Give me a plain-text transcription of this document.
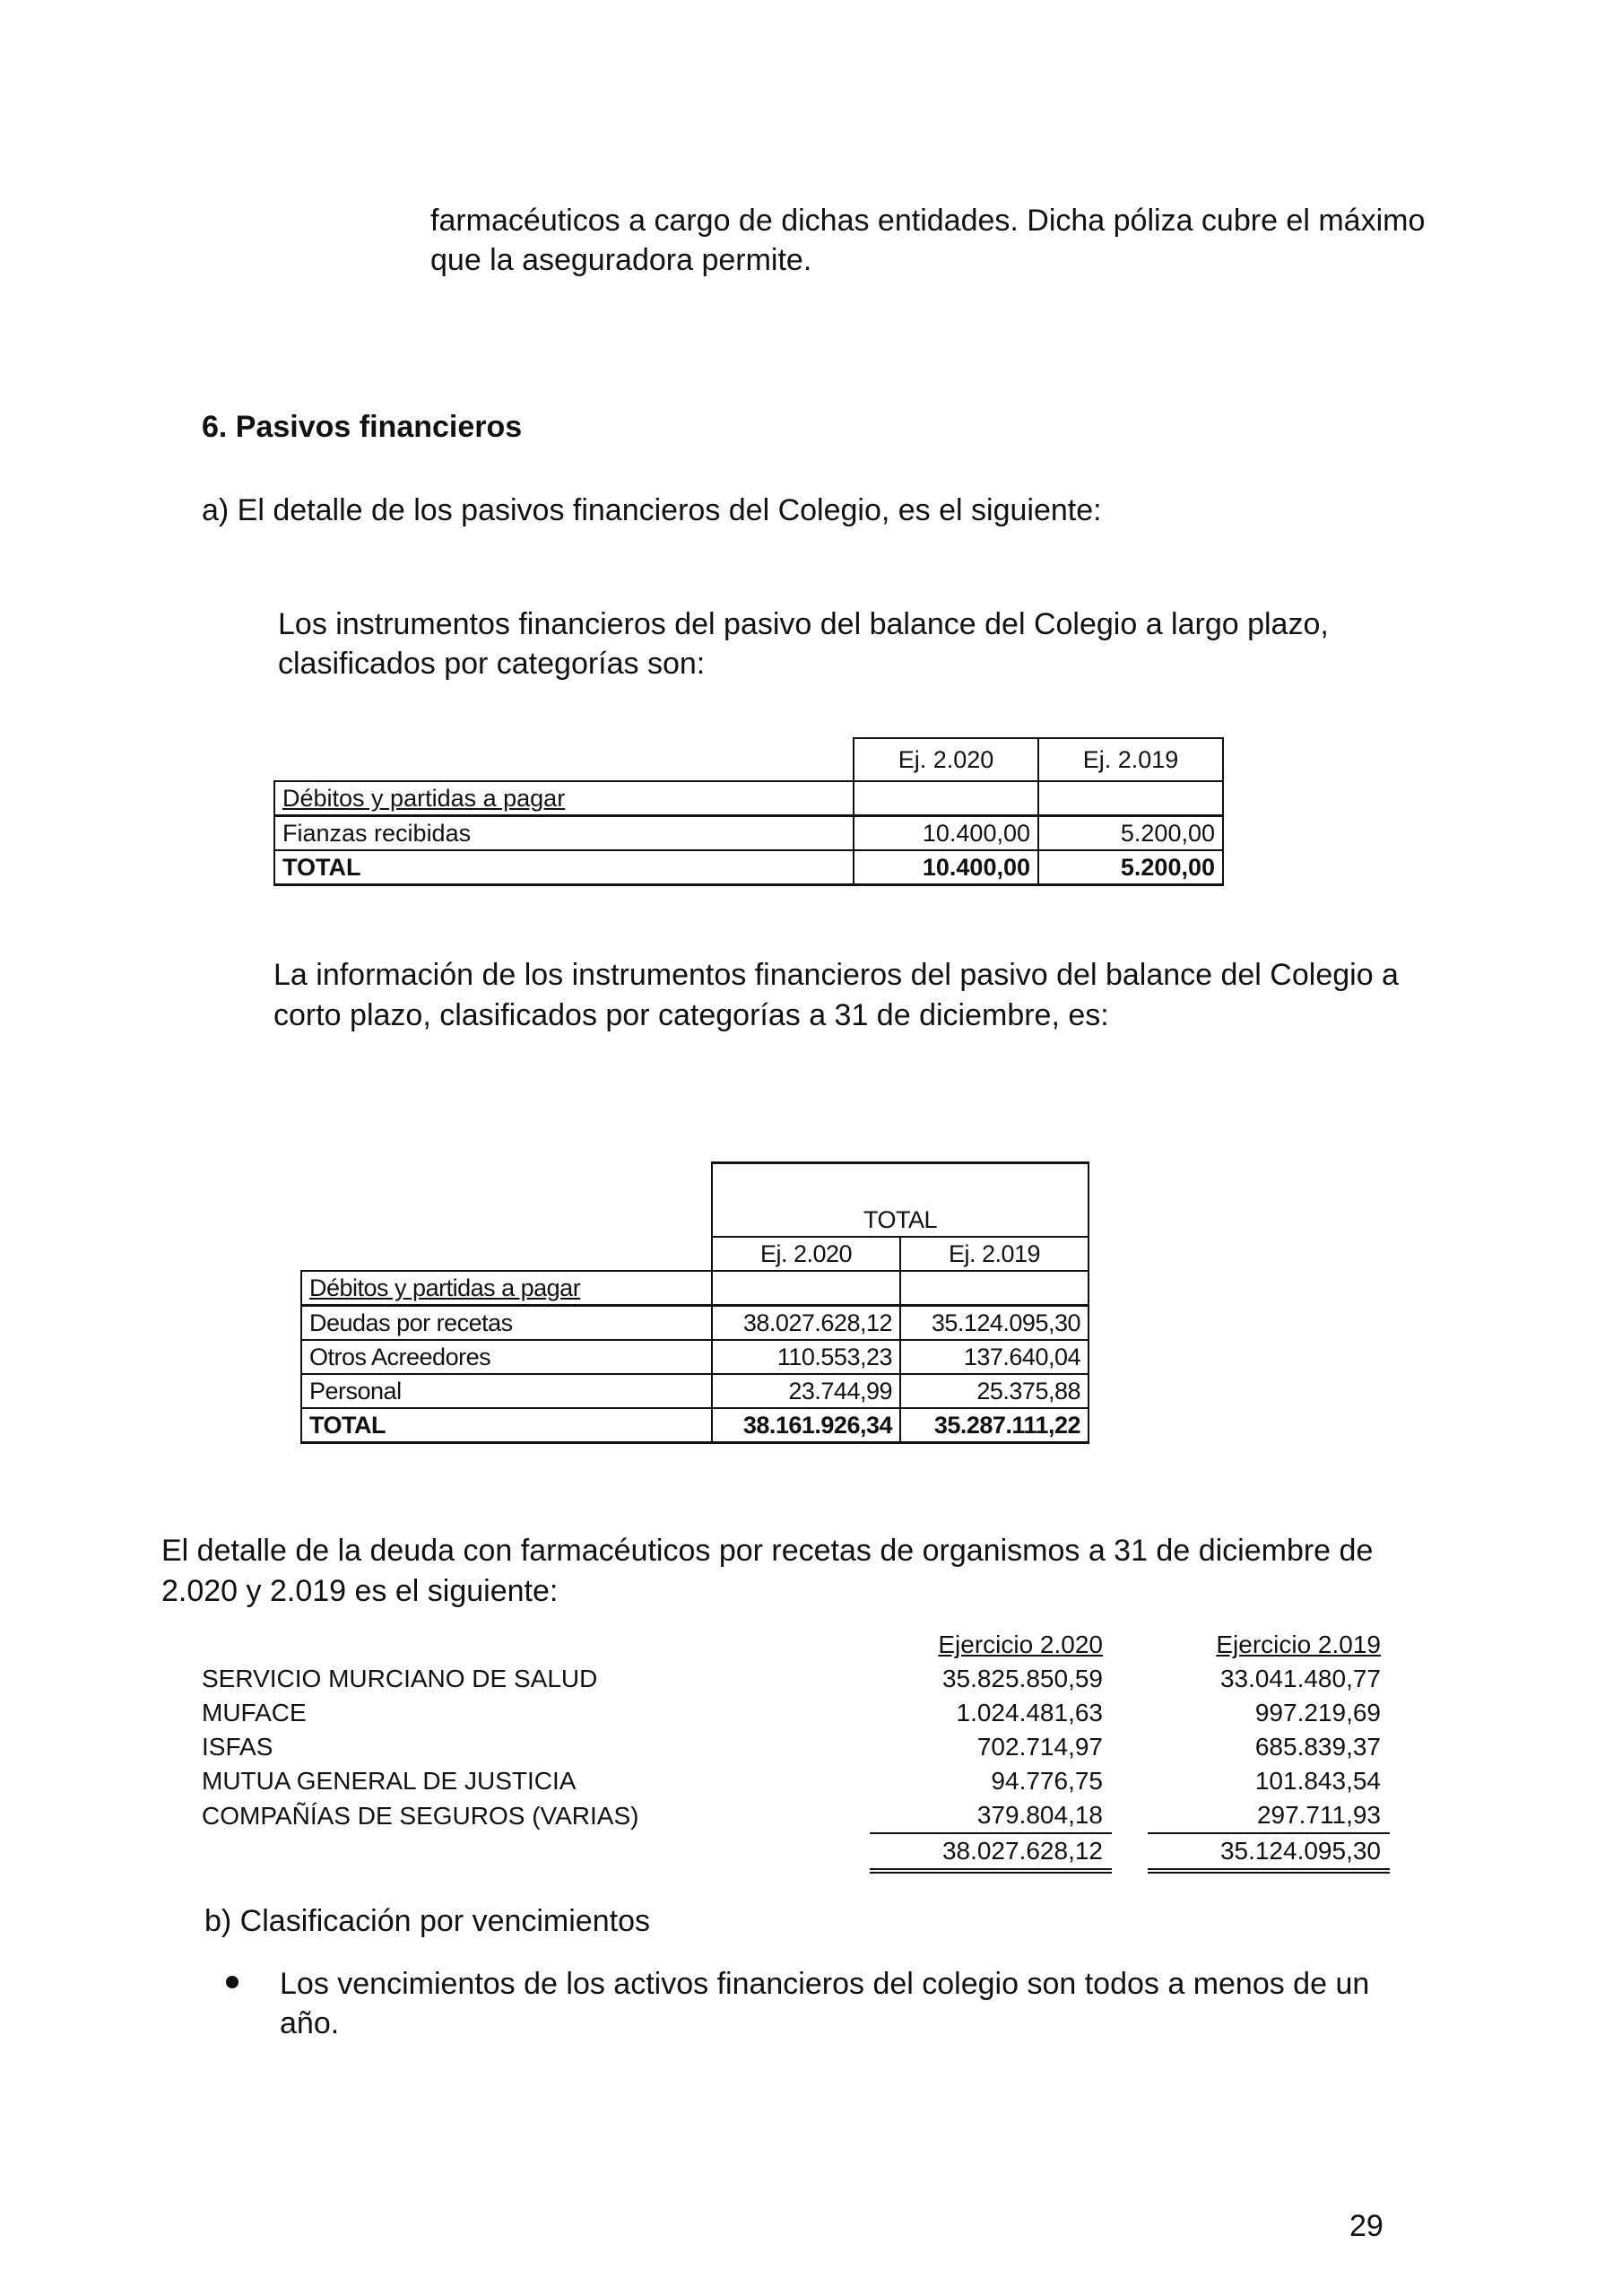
farmacéuticos a cargo de dichas entidades. Dicha póliza cubre el máximo
que la aseguradora permite.
6. Pasivos financieros
a) El detalle de los pasivos financieros del Colegio, es el siguiente:
Los instrumentos financieros del pasivo del balance del Colegio a largo plazo,
clasificados por categorías son:
	Ej. 2.020	Ej. 2.019
Débitos y partidas a pagar		
Fianzas recibidas	10.400,00	5.200,00
TOTAL	10.400,00	5.200,00
La información de los instrumentos financieros del pasivo del balance del Colegio a
corto plazo, clasificados por categorías a 31 de diciembre, es:
	TOTAL	
	Ej. 2.020	Ej. 2.019
Débitos y partidas a pagar		
Deudas por recetas	38.027.628,12	35.124.095,30
Otros Acreedores	110.553,23	137.640,04
Personal	23.744,99	25.375,88
TOTAL	38.161.926,34	35.287.111,22
El detalle de la deuda con farmacéuticos por recetas de organismos a 31 de diciembre de
2.020 y 2.019 es el siguiente:
	Ejercicio 2.020		Ejercicio 2.019
SERVICIO MURCIANO DE SALUD	35.825.850,59		33.041.480,77
MUFACE	1.024.481,63		997.219,69
ISFAS	702.714,97		685.839,37
MUTUA GENERAL DE JUSTICIA	94.776,75		101.843,54
COMPAÑÍAS DE SEGUROS (VARIAS)	379.804,18		297.711,93
	38.027.628,12		35.124.095,30
b) Clasificación por vencimientos
Los vencimientos de los activos financieros del colegio son todos a menos de un
año.
29
